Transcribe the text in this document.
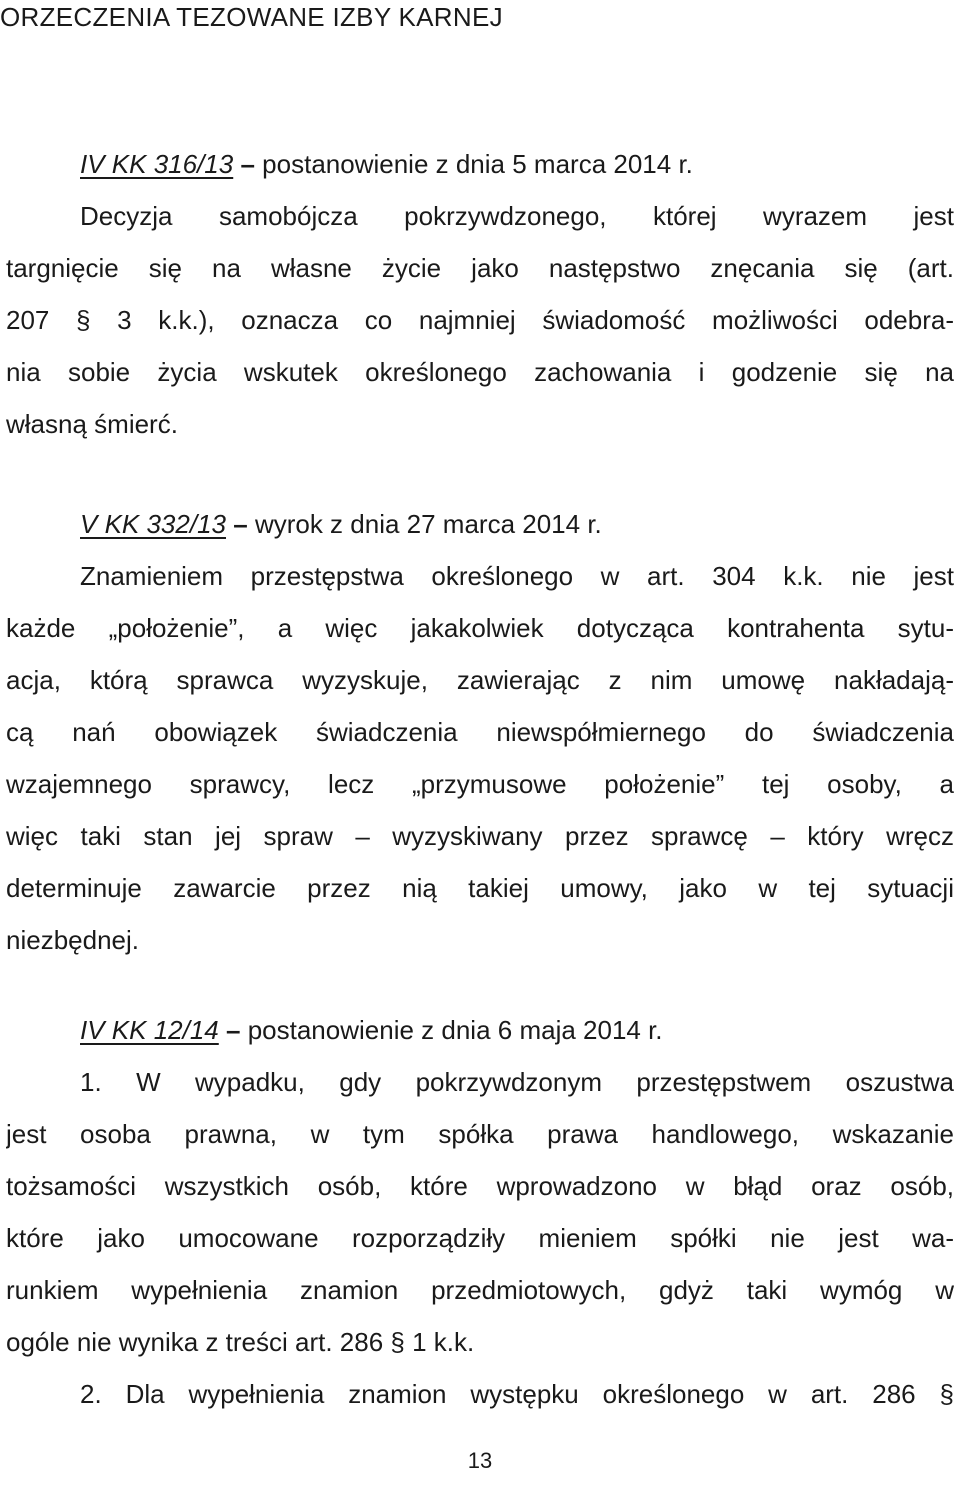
ORZECZENIA TEZOWANE IZBY KARNEJ
IV KK 316/13 – postanowienie z dnia 5 marca 2014 r.
Decyzja samobójcza pokrzywdzonego, której wyrazem jest
targnięcie się na własne życie jako następstwo znęcania się (art.
207 § 3 k.k.), oznacza co najmniej świadomość możliwości odebra-
nia sobie życia wskutek określonego zachowania i godzenie się na
własną śmierć.
V KK 332/13 – wyrok z dnia 27 marca 2014 r.
Znamieniem przestępstwa określonego w art. 304 k.k. nie jest
każde „położenie”, a więc jakakolwiek dotycząca kontrahenta sytu-
acja, którą sprawca wyzyskuje, zawierając z nim umowę nakładają-
cą nań obowiązek świadczenia niewspółmiernego do świadczenia
wzajemnego sprawcy, lecz „przymusowe położenie” tej osoby, a
więc taki stan jej spraw – wyzyskiwany przez sprawcę – który wręcz
determinuje zawarcie przez nią takiej umowy, jako w tej sytuacji
niezbędnej.
IV KK 12/14 – postanowienie z dnia 6 maja 2014 r.
1. W wypadku, gdy pokrzywdzonym przestępstwem oszustwa
jest osoba prawna, w tym spółka prawa handlowego, wskazanie
tożsamości wszystkich osób, które wprowadzono w błąd oraz osób,
które jako umocowane rozporządziły mieniem spółki nie jest wa-
runkiem wypełnienia znamion przedmiotowych, gdyż taki wymóg w
ogóle nie wynika z treści art. 286 § 1 k.k.
2. Dla wypełnienia znamion występku określonego w art. 286 §
13
